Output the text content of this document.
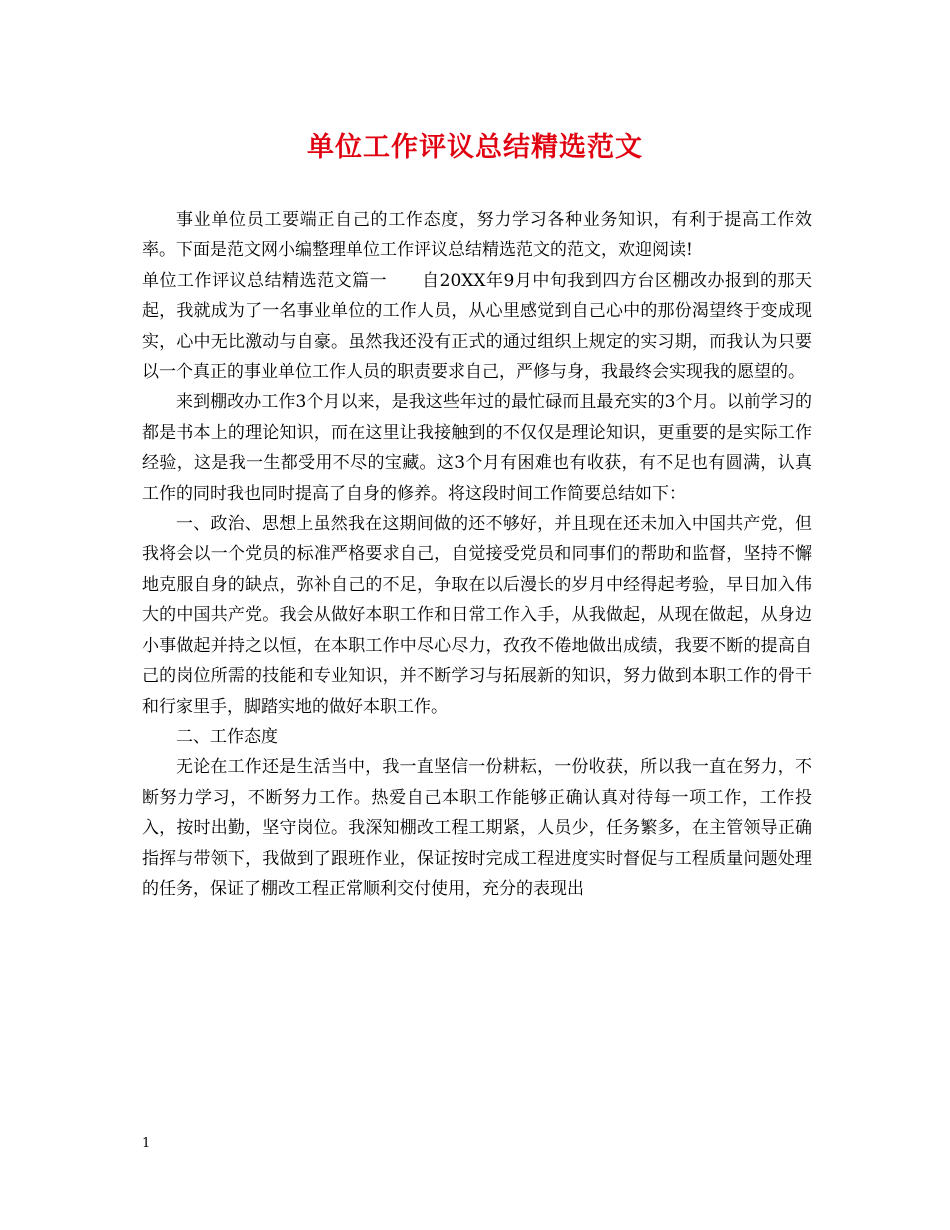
单位工作评议总结精选范文

事业单位员工要端正自己的工作态度，努力学习各种业务知识，有利于提高工作效率。下面是范文网小编整理单位工作评议总结精选范文的范文，欢迎阅读!

单位工作评议总结精选范文篇一　　自20XX年9月中旬我到四方台区棚改办报到的那天起，我就成为了一名事业单位的工作人员，从心里感觉到自己心中的那份渴望终于变成现实，心中无比激动与自豪。虽然我还没有正式的通过组织上规定的实习期，而我认为只要以一个真正的事业单位工作人员的职责要求自己，严修与身，我最终会实现我的愿望的。

来到棚改办工作3个月以来，是我这些年过的最忙碌而且最充实的3个月。以前学习的都是书本上的理论知识，而在这里让我接触到的不仅仅是理论知识，更重要的是实际工作经验，这是我一生都受用不尽的宝藏。这3个月有困难也有收获，有不足也有圆满，认真工作的同时我也同时提高了自身的修养。将这段时间工作简要总结如下：

一、政治、思想上虽然我在这期间做的还不够好，并且现在还未加入中国共产党，但我将会以一个党员的标准严格要求自己，自觉接受党员和同事们的帮助和监督，坚持不懈地克服自身的缺点，弥补自己的不足，争取在以后漫长的岁月中经得起考验，早日加入伟大的中国共产党。我会从做好本职工作和日常工作入手，从我做起，从现在做起，从身边小事做起并持之以恒，在本职工作中尽心尽力，孜孜不倦地做出成绩，我要不断的提高自己的岗位所需的技能和专业知识，并不断学习与拓展新的知识，努力做到本职工作的骨干和行家里手，脚踏实地的做好本职工作。

二、工作态度

无论在工作还是生活当中，我一直坚信一份耕耘，一份收获，所以我一直在努力，不断努力学习，不断努力工作。热爱自己本职工作能够正确认真对待每一项工作，工作投入，按时出勤，坚守岗位。我深知棚改工程工期紧，人员少，任务繁多，在主管领导正确指挥与带领下，我做到了跟班作业，保证按时完成工程进度实时督促与工程质量问题处理的任务，保证了棚改工程正常顺利交付使用，充分的表现出

1
